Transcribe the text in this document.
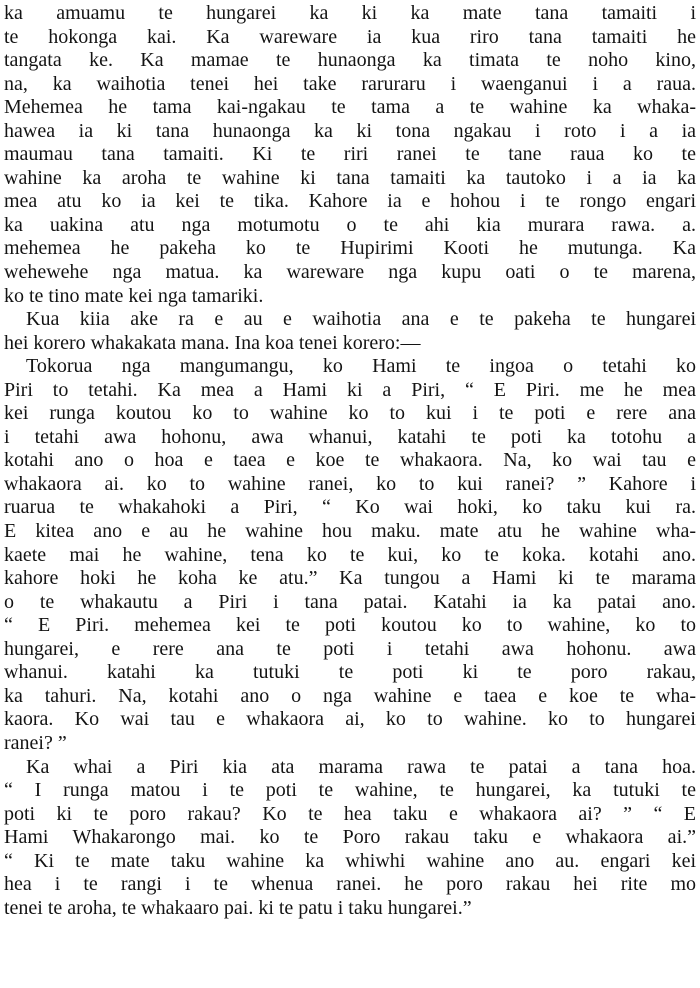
ka amuamu te hungarei ka ki ka mate tana tamaiti i
te hokonga kai. Ka wareware ia kua riro tana tamaiti he
tangata ke. Ka mamae te hunaonga ka timata te noho kino,
na, ka waihotia tenei hei take raruraru i waenganui i a raua.
Mehemea he tama kai-ngakau te tama a te wahine ka whaka-
hawea ia ki tana hunaonga ka ki tona ngakau i roto i a ia
maumau tana tamaiti. Ki te riri ranei te tane raua ko te
wahine ka aroha te wahine ki tana tamaiti ka tautoko i a ia ka
mea atu ko ia kei te tika. Kahore ia e hohou i te rongo engari
ka uakina atu nga motumotu o te ahi kia murara rawa. a.
mehemea he pakeha ko te Hupirimi Kooti he mutunga. Ka
wehewehe nga matua. ka wareware nga kupu oati o te marena,
ko te tino mate kei nga tamariki.
Kua kiia ake ra e au e waihotia ana e te pakeha te hungarei
hei korero whakakata mana. Ina koa tenei korero:—
Tokorua nga mangumangu, ko Hami te ingoa o tetahi ko
Piri to tetahi. Ka mea a Hami ki a Piri, “ E Piri. me he mea
kei runga koutou ko to wahine ko to kui i te poti e rere ana
i tetahi awa hohonu, awa whanui, katahi te poti ka totohu a
kotahi ano o hoa e taea e koe te whakaora. Na, ko wai tau e
whakaora ai. ko to wahine ranei, ko to kui ranei? ” Kahore i
ruarua te whakahoki a Piri, “ Ko wai hoki, ko taku kui ra.
E kitea ano e au he wahine hou maku. mate atu he wahine wha-
kaete mai he wahine, tena ko te kui, ko te koka. kotahi ano.
kahore hoki he koha ke atu.” Ka tungou a Hami ki te marama
o te whakautu a Piri i tana patai. Katahi ia ka patai ano.
“ E Piri. mehemea kei te poti koutou ko to wahine, ko to
hungarei, e rere ana te poti i tetahi awa hohonu. awa
whanui. katahi ka tutuki te poti ki te poro rakau,
ka tahuri. Na, kotahi ano o nga wahine e taea e koe te wha-
kaora. Ko wai tau e whakaora ai, ko to wahine. ko to hungarei
ranei? ”
Ka whai a Piri kia ata marama rawa te patai a tana hoa.
“ I runga matou i te poti te wahine, te hungarei, ka tutuki te
poti ki te poro rakau? Ko te hea taku e whakaora ai? ” “ E
Hami Whakarongo mai. ko te Poro rakau taku e whakaora ai.”
“ Ki te mate taku wahine ka whiwhi wahine ano au. engari kei
hea i te rangi i te whenua ranei. he poro rakau hei rite mo
tenei te aroha, te whakaaro pai. ki te patu i taku hungarei.”
